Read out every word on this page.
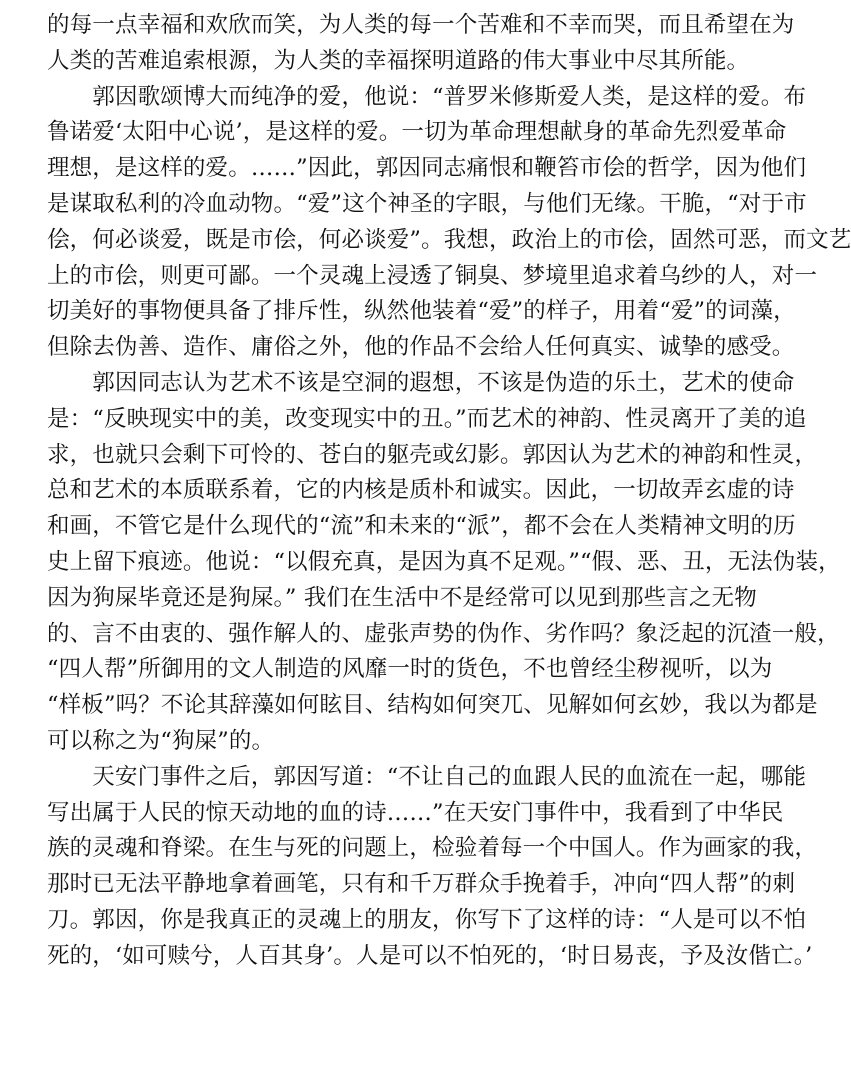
的每一点幸福和欢欣而笑，为人类的每一个苦难和不幸而哭，而且希望在为
人类的苦难追索根源，为人类的幸福探明道路的伟大事业中尽其所能。
　　郭因歌颂博大而纯净的爱，他说：“普罗米修斯爱人类，是这样的爱。布
鲁诺爱‘太阳中心说’，是这样的爱。一切为革命理想献身的革命先烈爱革命
理想，是这样的爱。……”因此，郭因同志痛恨和鞭笞市侩的哲学，因为他们
是谋取私利的冷血动物。“爱”这个神圣的字眼，与他们无缘。干脆，“对于市
侩，何必谈爱，既是市侩，何必谈爱”。我想，政治上的市侩，固然可恶，而文艺
上的市侩，则更可鄙。一个灵魂上浸透了铜臭、梦境里追求着乌纱的人，对一
切美好的事物便具备了排斥性，纵然他装着“爱”的样子，用着“爱”的词藻，
但除去伪善、造作、庸俗之外，他的作品不会给人任何真实、诚挚的感受。
　　郭因同志认为艺术不该是空洞的遐想，不该是伪造的乐土，艺术的使命
是：“反映现实中的美，改变现实中的丑。”而艺术的神韵、性灵离开了美的追
求，也就只会剩下可怜的、苍白的躯壳或幻影。郭因认为艺术的神韵和性灵，
总和艺术的本质联系着，它的内核是质朴和诚实。因此，一切故弄玄虚的诗
和画，不管它是什么现代的“流”和未来的“派”，都不会在人类精神文明的历
史上留下痕迹。他说：“以假充真，是因为真不足观。”“假、恶、丑，无法伪装，
因为狗屎毕竟还是狗屎。” 我们在生活中不是经常可以见到那些言之无物
的、言不由衷的、强作解人的、虚张声势的伪作、劣作吗？象泛起的沉渣一般，
“四人帮”所御用的文人制造的风靡一时的货色，不也曾经尘秽视听，以为
“样板”吗？不论其辞藻如何眩目、结构如何突兀、见解如何玄妙，我以为都是
可以称之为“狗屎”的。
　　天安门事件之后，郭因写道：“不让自己的血跟人民的血流在一起，哪能
写出属于人民的惊天动地的血的诗……”在天安门事件中，我看到了中华民
族的灵魂和脊梁。在生与死的问题上，检验着每一个中国人。作为画家的我，
那时已无法平静地拿着画笔，只有和千万群众手挽着手，冲向“四人帮”的刺
刀。郭因，你是我真正的灵魂上的朋友，你写下了这样的诗：“人是可以不怕
死的，‘如可赎兮，人百其身’。人是可以不怕死的，‘时日易丧，予及汝偕亡。’
